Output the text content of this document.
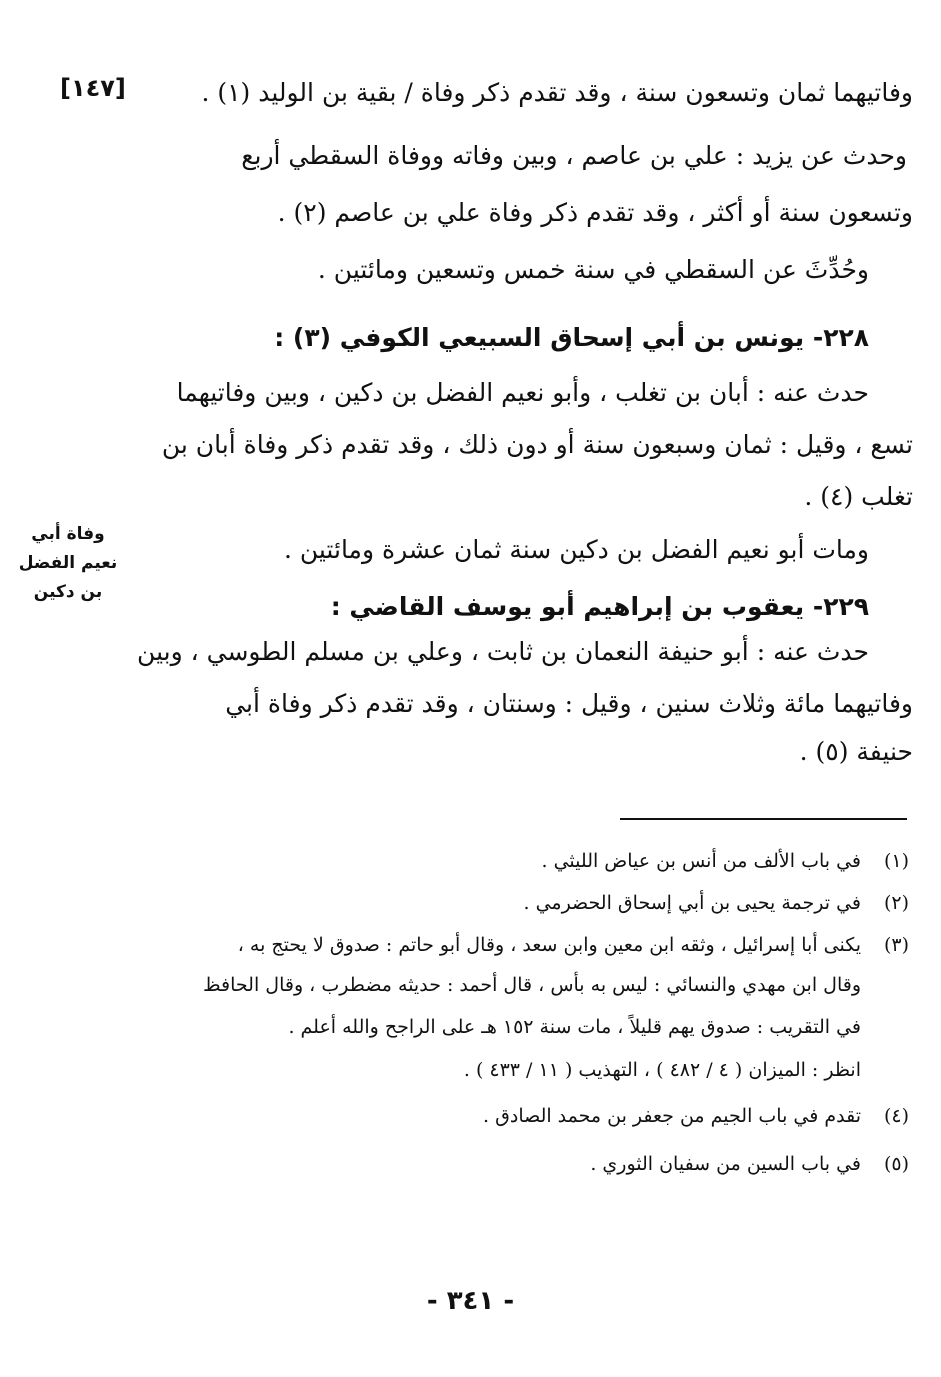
[١٤٧]	وفاتيهما ثمان وتسعون سنة ، وقد تقدم ذكر وفاة / بقية بن الوليد (١) .
وحدث عن يزيد : علي بن عاصم ، وبين وفاته ووفاة السقطي أربع
وتسعون سنة أو أكثر ، وقد تقدم ذكر وفاة علي بن عاصم (٢) .
وحُدِّثَ عن السقطي في سنة خمس وتسعين ومائتين .
٢٢٨- يونس بن أبي إسحاق السبيعي الكوفي (٣) :
حدث عنه : أبان بن تغلب ، وأبو نعيم الفضل بن دكين ، وبين وفاتيهما
تسع ، وقيل : ثمان وسبعون سنة أو دون ذلك ، وقد تقدم ذكر وفاة أبان بن
تغلب (٤) .
ومات أبو نعيم الفضل بن دكين سنة ثمان عشرة ومائتين .
٢٢٩- يعقوب بن إبراهيم أبو يوسف القاضي :
حدث عنه : أبو حنيفة النعمان بن ثابت ، وعلي بن مسلم الطوسي ، وبين
وفاتيهما مائة وثلاث سنين ، وقيل : وسنتان ، وقد تقدم ذكر وفاة أبي
حنيفة (٥) .
وفاة أبي نعيم الفضل بن دكين
(١)في باب الألف من أنس بن عياض الليثي .
(٢)في ترجمة يحيى بن أبي إسحاق الحضرمي .
(٣)يكنى أبا إسرائيل ، وثقه ابن معين وابن سعد ، وقال أبو حاتم : صدوق لا يحتج به ،
وقال ابن مهدي والنسائي : ليس به بأس ، قال أحمد : حديثه مضطرب ، وقال الحافظ
في التقريب : صدوق يهم قليلاً ، مات سنة ١٥٢ هـ على الراجح والله أعلم .
انظر : الميزان ( ٤ / ٤٨٢ ) ، التهذيب ( ١١ / ٤٣٣ ) .
(٤)تقدم في باب الجيم من جعفر بن محمد الصادق .
(٥)في باب السين من سفيان الثوري .
- ٣٤١ -
